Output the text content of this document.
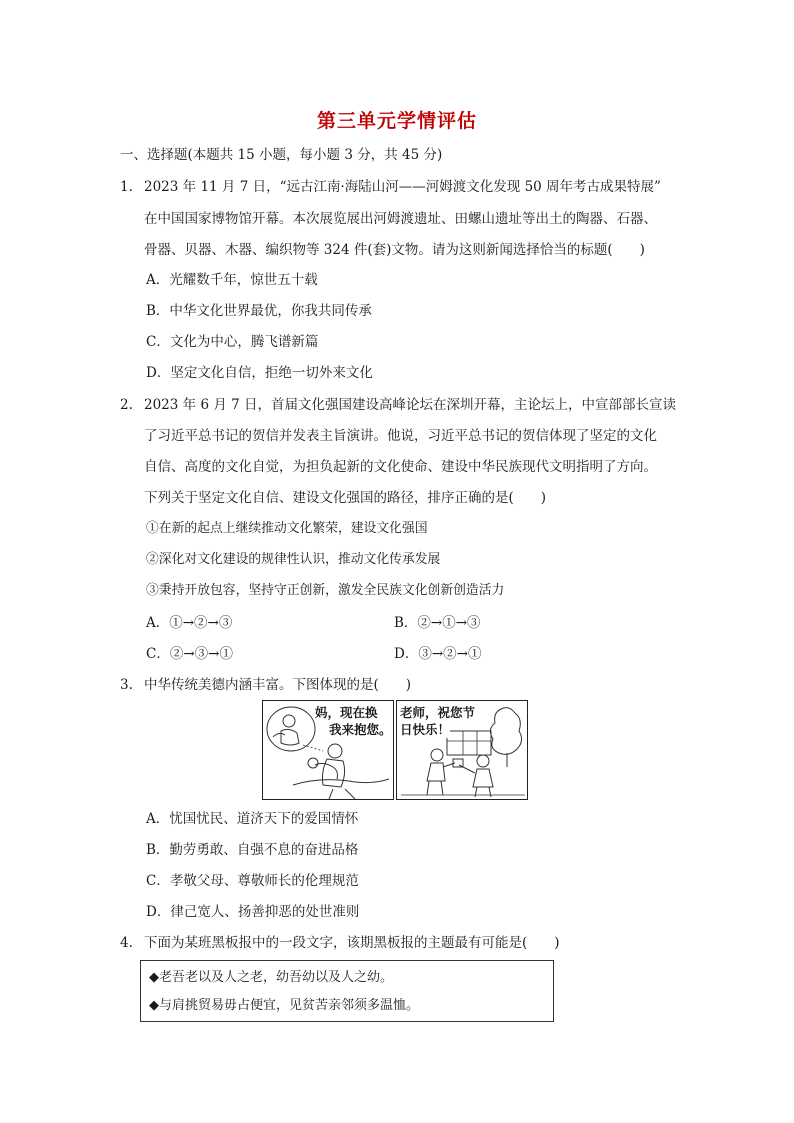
第三单元学情评估
一、选择题(本题共 15 小题，每小题 3 分，共 45 分)
1. 2023 年 11 月 7 日，“远古江南·海陆山河——河姆渡文化发现 50 周年考古成果特展”
在中国国家博物馆开幕。本次展览展出河姆渡遗址、田螺山遗址等出土的陶器、石器、
骨器、贝器、木器、编织物等 324 件(套)文物。请为这则新闻选择恰当的标题(　　)
A．光耀数千年，惊世五十载
B．中华文化世界最优，你我共同传承
C．文化为中心，腾飞谱新篇
D．坚定文化自信，拒绝一切外来文化
2. 2023 年 6 月 7 日，首届文化强国建设高峰论坛在深圳开幕，主论坛上，中宣部部长宣读
了习近平总书记的贺信并发表主旨演讲。他说，习近平总书记的贺信体现了坚定的文化
自信、高度的文化自觉，为担负起新的文化使命、建设中华民族现代文明指明了方向。
下列关于坚定文化自信、建设文化强国的路径，排序正确的是(　　)
①在新的起点上继续推动文化繁荣，建设文化强国
②深化对文化建设的规律性认识，推动文化传承发展
③秉持开放包容，坚持守正创新，激发全民族文化创新创造活力
A．①→②→③	B．②→①→③
C．②→③→①	D．③→②→①
3. 中华传统美德内涵丰富。下图体现的是(　　)
妈，现在换
我来抱您。
老师，祝您节
日快乐！
A．忧国忧民、道济天下的爱国情怀
B．勤劳勇敢、自强不息的奋进品格
C．孝敬父母、尊敬师长的伦理规范
D．律己宽人、扬善抑恶的处世准则
4. 下面为某班黑板报中的一段文字，该期黑板报的主题最有可能是(　　)
◆老吾老以及人之老，幼吾幼以及人之幼。
◆与肩挑贸易毋占便宜，见贫苦亲邻须多温恤。
